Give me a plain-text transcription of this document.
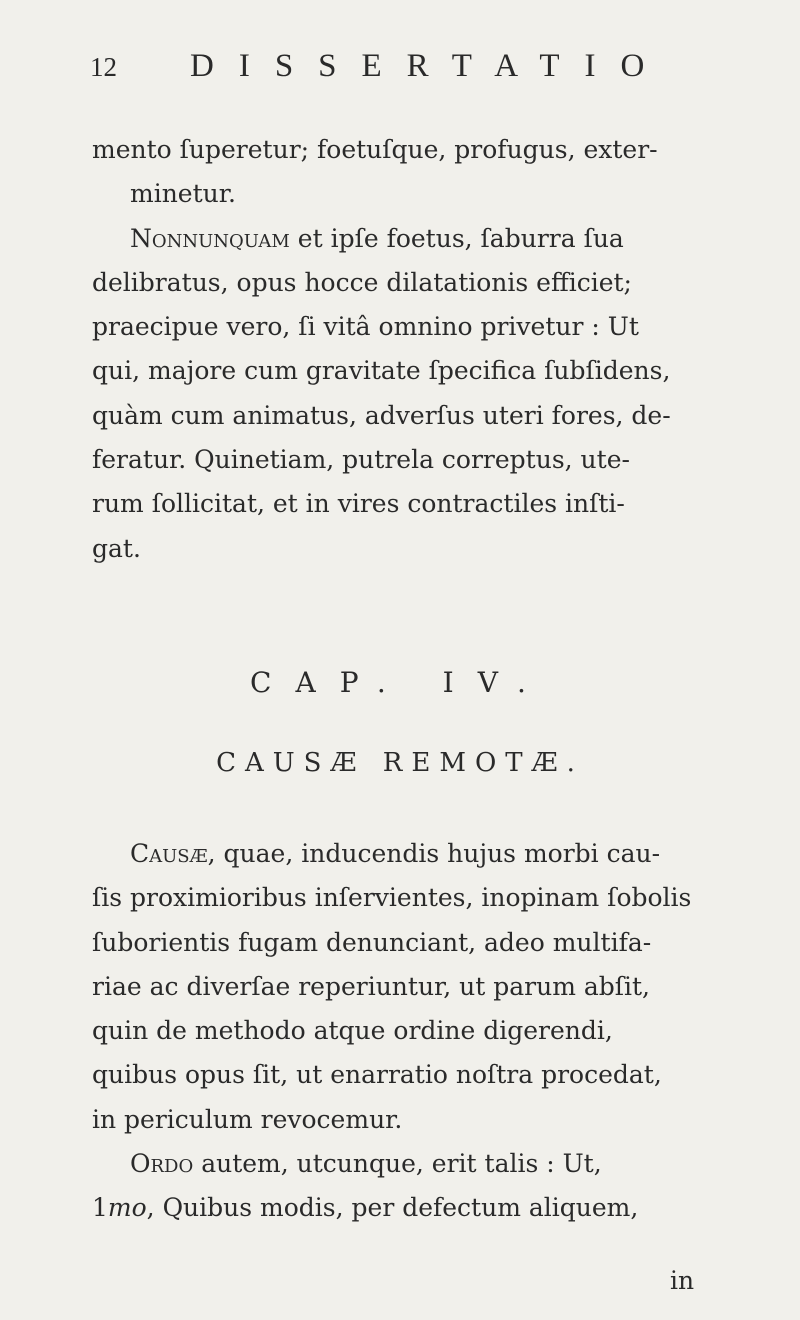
12 DISSERTATIO
mento ſuperetur; foetuſque, profugus, exter-
minetur.
Nonnunquam et ipſe foetus, ſaburra ſua
delibratus, opus hocce dilatationis efficiet;
praecipue vero, ſi vitâ omnino privetur : Ut
qui, majore cum gravitate ſpecifica ſubſidens,
quàm cum animatus, adverſus uteri fores, de-
feratur. Quinetiam, putrela correptus, ute-
rum ſollicitat, et in vires contractiles inſti-
gat.
CAP. IV.
CAUSÆ REMOTÆ.
Causæ, quae, inducendis hujus morbi cau-
ſis proximioribus inſervientes, inopinam ſobolis
ſuborientis fugam denunciant, adeo multifa-
riae ac diverſae reperiuntur, ut parum abſit,
quin de methodo atque ordine digerendi,
quibus opus ſit, ut enarratio noſtra procedat,
in periculum revocemur.
Ordo autem, utcunque, erit talis : Ut,
1mo, Quibus modis, per defectum aliquem,
in
